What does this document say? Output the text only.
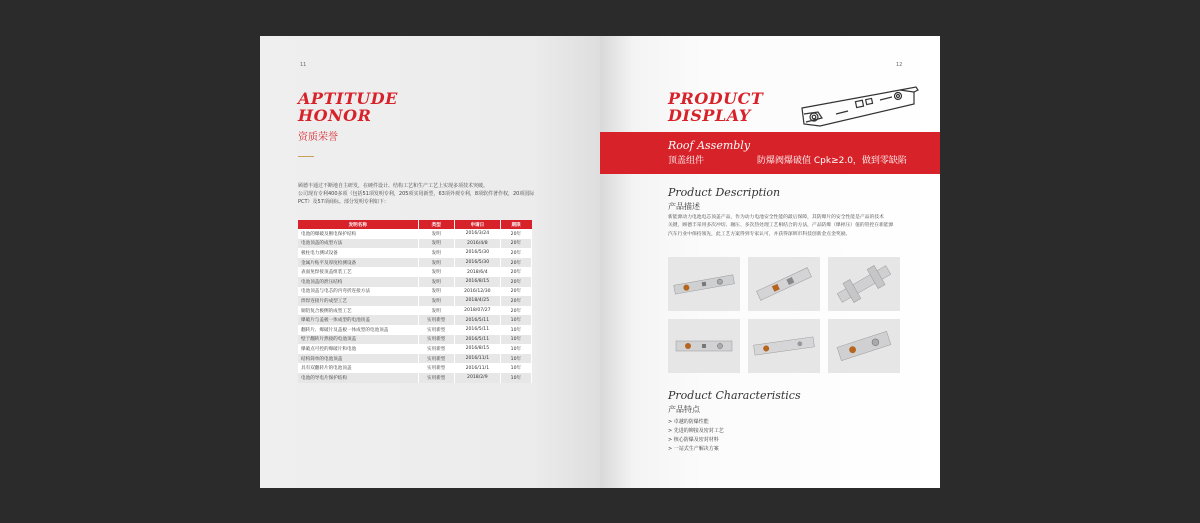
11
APTITUDE
HONOR
资质荣誉
顾德丰通过不断地自主研发，在硬件设计、结构工艺和生产工艺上实现多项技术突破。
公司现有专利400多项（包括51项发明专利，205项实用新型，63项外观专利，8项软件著作权，20项国际
PCT）及57项商标。部分发明专利如下：
发明名称	类型	申请日	期限
电池的爆破及断电保护结构	发明	2016/3/24	20年
电池顶盖的成型方法	发明	2016/4/8	20年
极柱电力测试设备	发明	2016/5/30	20年
金属片贴平及厚度检测设备	发明	2016/5/30	20年
表面免焊接顶盖组装工艺	发明	2018/6/4	20年
电池顶盖的泄压结构	发明	2016/8/15	20年
电池顶盖与电芯的内弯折连接方法	发明	2016/12/30	20年
焊焊连接片的成型工艺	发明	2018/4/25	20年
铜铝复合极侧的成型工艺	发明	2018/07/27	20年
爆破片与盖板一体成型的电池顶盖	实用新型	2016/5/11	10年
翻转片、爆破片及盖板一体成型的电池顶盖	实用新型	2016/5/11	10年
壁于翻转片然接的电池顶盖	实用新型	2016/5/11	10年
爆破点可控的爆破片和电池	实用新型	2016/8/15	10年
结构简单的电池顶盖	实用新型	2016/11/1	10年
具有双翻转片的电池顶盖	实用新型	2016/11/1	10年
电池的导电片保护结构	实用新型	2018/2/9	10年
12
PRODUCT
DISPLAY
Roof Assembly
顶盖组件	防爆阀爆破值 Cpk≥2.0，做到零缺陷
Product Description
产品描述
新能源动力电池电芯顶盖产品，作为动力电池安全性能的最后保障，其防爆片的安全性能是产品的技术
关键，顾德丰采用多次冲切、辗压、多次热处理工艺相结合的方法，产品防爆（爆掉压）值的管控在新能源
汽车行业中保持领先，此工艺方案得到专家认可，并获得深圳市科技创新金点金奖励。
Product Characteristics
产品特点
> 卓越的防爆性能
> 先进的铆接及密封工艺
> 核心防爆及密封材料
> 一站式生产解决方案
